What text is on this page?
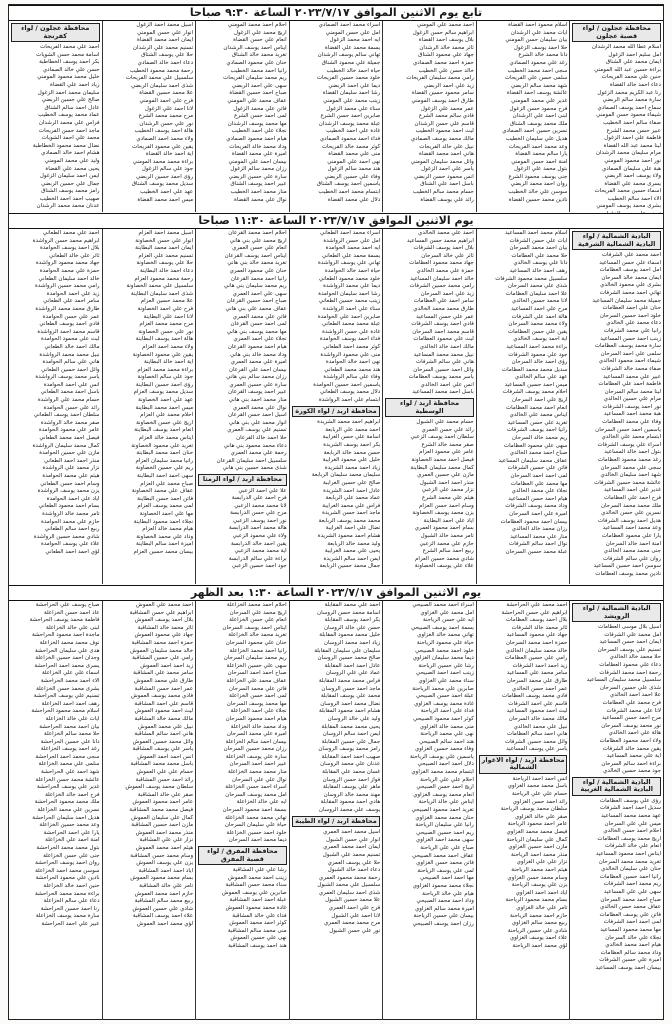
تابع يوم الاثنين الموافق ٢٠٢٣/٧/١٧ الساعة ٩:٣٠ صباحا
محافظة عجلون / لواء قصبة عجلون
اسلام عطا الله محمد الرشدان
امل سليم احمد الزغول
ايمان محمد علي الشناق
براءة حسين عبد الله المومني
حنين علي محمد الفريحات
دعاء احمد خالد القضاة
رنا عبد الكريم محمد الزغول
سارة محمد سالم الربضي
سماح احمد يوسف الصمادي
شيماء محمود حسن المومني
صفاء سالم احمد الخطيب
عبير حسن محمد الشرع
فاطمة علي احمد الزغول
لينا محمد عبد الله القضاة
مرام سليمان محمد الرشدان
نور احمد محمود المومني
هبة علي سليمان الصمادي
ولاء يوسف احمد الربضي
يسرى محمد علي القضاة
اسماء حسين محمد الفريحات
الاء احمد سالم الخطيب
بشرى محمد يوسف المومني
اسلام محمود احمد القضاة
ايات محمد علي الرشدان
بيان سليمان حسن المومني
حلا احمد يوسف الزغول
دانا محمد خالد الشرع
رغد علي محمود الصمادي
سجى احمد محمد الخطيب
سلمى حسن علي الفريحات
شهد محمد سالم الربضي
عائشة يوسف احمد القضاة
غدير علي محمد المومني
فرح محمود حسن الزغول
لبنى احمد علي الرشدان
ملك محمد يوسف الشناق
نسرين حسين احمد الصمادي
هديل علي سليمان الخطيب
وعد محمد احمد الفريحات
يارا سالم محمد القضاة
امنة احمد حسن المومني
بتول محمد علي الزغول
جنى يوسف محمود الشرع
روان احمد محمد الربضي
سوسن علي خالد الخطيب
نادين محمد حسين القضاة
احمد محمد علي المومني
ابراهيم سالم حسن الزغول
بلال يوسف احمد القضاة
ثائر محمد خالد الرشدان
جهاد علي محمود الشناق
حمزة احمد محمد الصمادي
خالد حسن علي الخطيب
رامي محمد سليمان الفريحات
زيد علي احمد الربضي
سامر محمود حسين القضاة
طارق احمد يوسف المومني
عمر محمد علي الزغول
فادي سالم محمد الشرع
قاسم علي حسن الرشدان
ليث احمد محمود الخطيب
مالك محمد يوسف الصمادي
نبيل علي خالد الفريحات
هاني احمد محمد القضاة
وائل محمد سليمان المومني
ياسر علي احمد الزغول
انس محمود حسن الربضي
باسل احمد علي الشناق
حسام محمد سالم الخطيب
رائد علي يوسف القضاة
اسراء محمد احمد الصمادي
امل علي حسن المومني
ايه احمد محمد الزغول
بسمة محمد علي القضاة
تهاني سالم يوسف الرشدان
جميلة علي محمود الشناق
حياة احمد خالد الخطيب
خلود محمد حسين الفريحات
ديما علي احمد الربضي
رشا احمد سليمان القضاة
زينب محمد علي المومني
سناء علي محمد الزغول
صابرين احمد حسن الشرع
عبلة محمد يوسف الرشدان
غادة علي احمد الخطيب
فداء احمد محمود الصمادي
كوثر محمد خالد الفريحات
منى علي محمد القضاة
نهى احمد علي المومني
هند محمد سالم الزغول
وفاء علي حسين الربضي
ياسمين احمد يوسف الشناق
ابتسام محمد احمد الخطيب
دلال علي محمد القضاة
احلام احمد محمد المومني
اريج محمد علي الزغول
انعام علي حسن القضاة
ايناس احمد يوسف الرشدان
تغريد محمد خالد الشناق
حنان علي محمود الصمادي
رانيا احمد محمد الخطيب
ريم محمد سليمان الفريحات
سهى علي احمد الربضي
صباح احمد حسين القضاة
عفاف محمد علي المومني
فاتن علي محمد الزغول
لمى احمد حسن الشرع
مها محمد يوسف الرشدان
نجلاء علي احمد الخطيب
هيام احمد محمود الصمادي
وداد محمد خالد الفريحات
اميرة علي محمد القضاة
بيسان احمد علي المومني
رزان محمد سالم الزغول
سارة علي حسين الربضي
عبير احمد يوسف الشناق
منار محمد احمد الخطيب
نوال علي محمد القضاة
اسيل محمد احمد الزغول
انوار علي حسن المومني
ايمان احمد محمد القضاة
تسنيم محمد علي الرشدان
حلا علي يوسف الشناق
دعاء احمد خالد الصمادي
رحمة محمد محمود الخطيب
سلسبيل علي محمد الفريحات
شذى احمد سليمان الربضي
علا محمد حسين القضاة
فرح علي احمد المومني
لانا احمد علي الزغول
مرح محمد محمد الشرع
نور علي حسن الرشدان
هالة احمد يوسف الخطيب
ولاء محمد احمد الصمادي
يقين علي محمود الفريحات
اية احمد خالد القضاة
براءة محمد محمد المومني
جود علي سالم الزغول
رؤى احمد حسين الربضي
سديل محمد يوسف الشناق
عهد علي احمد الخطيب
ميس احمد محمد القضاة
محافظة عجلون / لواء كفرنجة
احمد علي محمد الفريحات
اسامة محمد حسن الشويات
بكر احمد يوسف الخطاطبة
حسن علي خالد الصمادي
خليل محمد محمود المومني
زياد احمد علي القضاة
سليمان محمد احمد الزغول
صالح علي حسين الربضي
عادل احمد سالم الشناق
عماد محمد يوسف الخطيب
فراس علي محمد الرشدان
ماجد احمد حسن الفريحات
محمد علي احمد الشويات
نضال محمد محمود الخطاطبة
هشام احمد خالد الصمادي
وليد علي محمد المومني
يحيى محمد علي القضاة
ايمن احمد سليمان الزغول
جمال علي حسين الربضي
رامز محمد يوسف الشناق
صهيب احمد احمد الخطيب
عدنان محمد محمد الرشدان
يوم الاثنين الموافق ٢٠٢٣/٧/١٧ الساعة ١١:٣٠ صباحا
البادية الشمالية / لواء البادية الشمالية الشرقية
احمد محمد علي الشرفات
اسماء علي حسن المساعيد
امل احمد يوسف العظامات
ايمان محمد خالد السرحان
بشرى علي محمود الخالدي
تهاني احمد محمد الشرفات
جميلة محمد سليمان المساعيد
حنان علي احمد العظامات
خلود احمد حسين السرحان
دعاء محمد علي الخالدي
رانيا علي محمد الشرفات
زينب احمد حسن المساعيد
سارة محمد يوسف العظامات
سلمى علي احمد السرحان
شيماء احمد محمود الخالدي
صفاء محمد خالد الشرفات
عبير علي محمد المساعيد
فاطمة احمد علي العظامات
لينا محمد سالم السرحان
مرام علي حسين الخالدي
نور احمد يوسف الشرفات
هبة محمد احمد المساعيد
وفاء علي محمد العظامات
ياسمين احمد حسن السرحان
ابتسام محمد علي الخالدي
اسراء علي يوسف الشرفات
بتول احمد خالد المساعيد
رغد محمد محمود العظامات
سجى علي محمد السرحان
شهد احمد سليمان الخالدي
عائشة محمد حسين الشرفات
غدير علي احمد المساعيد
فرح احمد علي العظامات
ملك محمد محمد السرحان
نسرين علي حسن الخالدي
هديل احمد يوسف الشرفات
وعد محمد احمد المساعيد
يارا علي محمود العظامات
امنة احمد خالد السرحان
جنى محمد محمد الخالدي
روان علي سالم الشرفات
سوسن احمد حسين المساعيد
نادين محمد يوسف العظامات
اسلام محمد احمد المساعيد
ايات علي حسن الشرفات
بيان احمد محمد السرحان
حلا محمد علي العظامات
دانا علي يوسف الخالدي
رهف احمد خالد المساعيد
سلسبيل محمد محمود الشرفات
شذى علي محمد السرحان
علا احمد سليمان العظامات
لانا محمد حسين الخالدي
مرح علي احمد المساعيد
هالة احمد علي الشرفات
ولاء محمد محمد السرحان
يقين علي حسن العظامات
اية احمد يوسف الخالدي
براءة محمد احمد المساعيد
جود علي محمود الشرفات
رؤى احمد خالد السرحان
سديل محمد محمد العظامات
عهد علي سالم الخالدي
ميس احمد حسين المساعيد
احلام محمد يوسف الشرفات
اريج علي احمد السرحان
انعام احمد محمد العظامات
ايناس محمد علي الخالدي
تغريد علي حسن المساعيد
رانيا احمد يوسف الشرفات
ريم محمد خالد السرحان
سهى علي محمود العظامات
صباح احمد محمد الخالدي
عفاف محمد سليمان المساعيد
فاتن علي حسين الشرفات
لمى احمد احمد السرحان
مها محمد علي العظامات
نجلاء علي محمد الخالدي
هيام احمد حسن المساعيد
وداد محمد يوسف الشرفات
اميرة علي احمد السرحان
بيسان احمد محمود العظامات
رزان محمد خالد الخالدي
منار علي محمد المساعيد
نوال احمد سالم الشرفات
عبلة محمد حسين السرحان
احمد علي محمد الخالدي
ابراهيم محمد حسن المساعيد
بلال احمد يوسف الشرفات
ثائر علي خالد السرحان
جهاد محمد محمود العظامات
حمزة علي محمد الخالدي
خالد احمد سليمان المساعيد
رامي محمد حسين الشرفات
زيد علي احمد السرحان
سامر احمد علي العظامات
طارق محمد محمد الخالدي
عمر علي حسن المساعيد
فادي احمد يوسف الشرفات
قاسم محمد احمد السرحان
ليث علي محمود العظامات
مالك احمد خالد الخالدي
نبيل محمد محمد المساعيد
هاني علي سالم الشرفات
وائل احمد حسين السرحان
ياسر محمد يوسف العظامات
انس علي احمد الخالدي
باسل احمد محمد المساعيد
محافظة اربد / لواء الوسطية
حسام محمد علي الشبول
رائد علي حسن العمري
سلطان احمد يوسف الزعبي
صقر محمد خالد الشرع
عامر علي محمود العزام
فيصل احمد محمد الخصاونة
كمال محمد سليمان البطاينة
مازن علي حسين العمري
منذر احمد احمد الشبول
نزار محمد علي الزعبي
هيثم علي محمد الشرع
وسام احمد حسن العزام
يزن محمد يوسف الخصاونة
اياد علي احمد البطاينة
بسام احمد محمود العمري
تامر محمد خالد الشبول
حازم علي محمد الزعبي
ربيع احمد سالم الشرع
شادي محمد حسين العزام
علاء علي يوسف الخصاونة
اسراء محمد احمد الطعاني
امل علي حسن الرواشدة
ايه احمد محمد الحوامدة
بسمة محمد علي الطعاني
تهاني علي يوسف الرواشدة
حياة احمد خالد الحوامدة
خلود محمد محمود الطعاني
ديما علي محمد الرواشدة
رشا احمد سليمان الحوامدة
زينب محمد حسين الطعاني
سناء علي احمد الرواشدة
صابرين احمد علي الحوامدة
عبلة محمد محمد الطعاني
غادة علي حسن الرواشدة
فداء احمد يوسف الحوامدة
كوثر محمد احمد الطعاني
منى علي محمود الرواشدة
نهى احمد خالد الحوامدة
هند محمد محمد الطعاني
وفاء علي سالم الرواشدة
ياسمين احمد حسين الحوامدة
دلال محمد يوسف الطعاني
ابتسام علي احمد الرواشدة
محافظة اربد / لواء الكورة
ابراهيم احمد محمد الشريدة
احمد محمد علي الربابعة
اسامة علي حسن الغرايبة
بكر احمد يوسف الشريدة
حسن محمد خالد الربابعة
خليل علي محمود الغرايبة
زياد احمد محمد الشريدة
سليمان محمد سليمان الربابعة
صالح علي حسين الغرايبة
عادل احمد احمد الشريدة
عماد محمد علي الربابعة
فراس علي محمد الغرايبة
ماجد احمد حسن الشريدة
محمد محمد يوسف الربابعة
نضال علي احمد الغرايبة
هشام احمد محمود الشريدة
وليد محمد خالد الربابعة
يحيى علي محمد الغرايبة
ايمن احمد سالم الشريدة
جمال محمد حسين الربابعة
احلام احمد محمد القرعان
اريج محمد علي بني هاني
انعام علي حسن العمري
ايناس احمد يوسف القرعان
تغريد محمد خالد بني هاني
حنان علي محمود العمري
رانيا احمد محمد القرعان
ريم محمد سليمان بني هاني
سهى علي احمد العمري
صباح احمد حسين القرعان
عفاف محمد علي بني هاني
فاتن علي محمد العمري
لمى احمد حسن القرعان
مها محمد يوسف بني هاني
نجلاء علي احمد العمري
هيام احمد محمود القرعان
وداد محمد خالد بني هاني
اميرة علي محمد العمري
بيسان احمد علي القرعان
رزان محمد سالم بني هاني
سارة علي حسين العمري
عبير احمد يوسف القرعان
منار محمد احمد بني هاني
نوال علي محمد العمري
اسيل احمد حسن القرعان
انوار محمد علي بني هاني
تسنيم علي يوسف العمري
حلا احمد خالد القرعان
دعاء محمد محمود بني هاني
رحمة علي محمد العمري
سلسبيل احمد سليمان القرعان
شذى محمد حسين بني هاني
محافظة اربد / لواء الرمثا
علا علي احمد الزعبي
فرح احمد علي الدرابسة
لانا محمد محمد الزعبي
مرح علي حسن الدرابسة
نور احمد يوسف الزعبي
هالة محمد احمد الدرابسة
ولاء علي محمود الزعبي
يقين احمد خالد الدرابسة
اية محمد محمد الزعبي
براءة علي سالم الدرابسة
جود احمد حسين الزعبي
اسيل محمد احمد العزام
انوار علي حسن الخصاونة
ايمان احمد محمد البطاينة
تسنيم محمد علي العزام
حلا علي يوسف الخصاونة
دعاء احمد خالد البطاينة
رحمة محمد محمود العزام
سلسبيل علي محمد الخصاونة
شذى احمد سليمان البطاينة
علا محمد حسين العزام
فرح علي احمد الخصاونة
لانا احمد علي البطاينة
مرح محمد محمد العزام
نور علي حسن الخصاونة
هالة احمد يوسف البطاينة
ولاء محمد احمد العزام
يقين علي محمود الخصاونة
اية احمد خالد البطاينة
براءة محمد محمد العزام
جود علي سالم الخصاونة
رؤى احمد حسين البطاينة
سديل محمد يوسف العزام
عهد علي احمد الخصاونة
ميس احمد محمد البطاينة
احلام محمد علي العزام
اريج علي حسن الخصاونة
انعام احمد يوسف البطاينة
ايناس محمد خالد العزام
تغريد علي محمود الخصاونة
حنان احمد محمد البطاينة
رانيا محمد سليمان العزام
ريم علي حسين الخصاونة
سهى احمد احمد البطاينة
صباح محمد علي العزام
عفاف علي محمد الخصاونة
فاتن احمد حسن البطاينة
لمى محمد يوسف العزام
مها علي احمد الخصاونة
نجلاء احمد محمود البطاينة
هيام محمد خالد العزام
وداد علي محمد الخصاونة
اميرة احمد سالم البطاينة
بيسان محمد حسين العزام
احمد علي محمد الطعاني
ابراهيم محمد حسن الرواشدة
بلال احمد يوسف الحوامدة
ثائر علي خالد الطعاني
جهاد محمد محمود الرواشدة
حمزة علي محمد الحوامدة
خالد احمد سليمان الطعاني
رامي محمد حسين الرواشدة
زيد علي احمد الحوامدة
سامر احمد علي الطعاني
طارق محمد محمد الرواشدة
عمر علي حسن الحوامدة
فادي احمد يوسف الطعاني
قاسم محمد احمد الرواشدة
ليث علي محمود الحوامدة
مالك احمد خالد الطعاني
نبيل محمد محمد الرواشدة
هاني علي سالم الحوامدة
وائل احمد حسين الطعاني
ياسر محمد يوسف الرواشدة
انس علي احمد الحوامدة
باسل احمد محمد الطعاني
حسام محمد علي الرواشدة
رائد علي حسن الحوامدة
سلطان احمد يوسف الطعاني
صقر محمد خالد الرواشدة
عامر علي محمود الحوامدة
فيصل احمد محمد الطعاني
كمال محمد سليمان الرواشدة
مازن علي حسين الحوامدة
منذر احمد احمد الطعاني
نزار محمد علي الرواشدة
هيثم علي محمد الحوامدة
وسام احمد حسن الطعاني
يزن محمد يوسف الرواشدة
اياد علي احمد الحوامدة
بسام احمد محمود الطعاني
تامر محمد خالد الرواشدة
حازم علي محمد الحوامدة
ربيع احمد سالم الطعاني
شادي محمد حسين الرواشدة
علاء علي يوسف الحوامدة
لؤي احمد احمد الطعاني
يوم الاثنين الموافق ٢٠٢٣/٧/١٧ الساعة ١:٣٠ بعد الظهر
البادية الشمالية / لواء الرويشد
اسيل بلال موسى العظامات
امل محمد علي الشرفات
ايمان احمد حسن المساعيد
تسنيم علي يوسف السرحان
حلا محمد خالد الخالدي
دعاء علي محمود العظامات
رحمة احمد محمد الشرفات
سلسبيل محمد سليمان المساعيد
شذى علي حسين السرحان
علا احمد احمد الخالدي
فرح محمد علي العظامات
لانا علي محمد الشرفات
مرح احمد حسن المساعيد
نور محمد يوسف السرحان
هالة علي احمد الخالدي
ولاء احمد محمود العظامات
يقين محمد خالد الشرفات
اية علي محمد المساعيد
براءة احمد سالم السرحان
جود محمد حسين الخالدي
البادية الشمالية / لواء البادية الشمالية الغربية
رؤى علي يوسف العظامات
سديل احمد احمد الشرفات
عهد محمد محمد المساعيد
ميس علي علي السرحان
احلام احمد حسن الخالدي
اريج محمد يوسف العظامات
انعام علي خالد الشرفات
ايناس احمد محمود المساعيد
تغريد محمد محمد السرحان
حنان علي سليمان الخالدي
رانيا احمد حسين العظامات
ريم محمد احمد الشرفات
سهى علي علي المساعيد
صباح احمد محمد السرحان
عفاف محمد حسن الخالدي
فاتن علي يوسف العظامات
لمى احمد احمد الشرفات
مها محمد محمود المساعيد
نجلاء علي خالد السرحان
هيام احمد محمد الخالدي
وداد محمد سالم العظامات
اميرة علي حسين الشرفات
بيسان احمد يوسف المساعيد
احمد محمد علي الحراحشة
ابراهيم علي حسن الحراحشة
بلال احمد يوسف العظامات
ثائر محمد خالد الشرفات
جهاد علي محمود المساعيد
حمزة احمد محمد السرحان
خالد محمد سليمان الخالدي
رامي علي حسين العظامات
زيد احمد احمد الشرفات
سامر محمد علي المساعيد
طارق علي محمد السرحان
عمر احمد حسن الخالدي
فادي محمد يوسف العظامات
قاسم علي احمد الشرفات
ليث احمد محمود المساعيد
مالك محمد خالد السرحان
نبيل علي محمد الخالدي
هاني احمد سالم العظامات
وائل محمد حسين الشرفات
ياسر علي يوسف المساعيد
محافظة اربد / لواء الاغوار الشمالية
انس احمد احمد الرياحنة
باسل محمد محمد الغزاوي
حسام علي علي الرياحنة
رائد احمد حسن الغزاوي
سلطان محمد يوسف الرياحنة
صقر علي خالد الغزاوي
عامر احمد محمود الرياحنة
فيصل محمد محمد الغزاوي
كمال علي سليمان الرياحنة
مازن احمد حسين الغزاوي
منذر محمد احمد الرياحنة
نزار علي علي الغزاوي
هيثم احمد محمد الرياحنة
وسام محمد حسن الغزاوي
يزن علي يوسف الرياحنة
اياد احمد احمد الغزاوي
بسام محمد محمود الرياحنة
تامر علي خالد الغزاوي
حازم احمد محمد الرياحنة
ربيع محمد سالم الغزاوي
شادي علي حسين الرياحنة
علاء احمد يوسف الغزاوي
لؤي محمد احمد الرياحنة
اسراء احمد محمد الصبيحي
امل محمد علي الغزاوي
ايه علي حسن الرياحنة
بسمة احمد يوسف الصبيحي
تهاني محمد خالد الغزاوي
حياة علي محمود الرياحنة
خلود احمد محمد الصبيحي
ديما محمد سليمان الغزاوي
رشا علي حسين الرياحنة
زينب احمد احمد الصبيحي
سناء محمد علي الغزاوي
صابرين علي محمد الرياحنة
عبلة احمد حسن الصبيحي
غادة محمد يوسف الغزاوي
فداء علي احمد الرياحنة
كوثر احمد محمود الصبيحي
منى محمد خالد الغزاوي
نهى علي محمد الرياحنة
هند احمد سالم الصبيحي
وفاء محمد حسين الغزاوي
ياسمين علي يوسف الرياحنة
دلال احمد احمد الصبيحي
ابتسام محمد محمد الغزاوي
احلام علي علي الرياحنة
اريج احمد حسن الصبيحي
انعام محمد يوسف الغزاوي
ايناس علي خالد الرياحنة
تغريد احمد محمود الصبيحي
حنان محمد محمد الغزاوي
رانيا علي سليمان الرياحنة
ريم احمد حسين الصبيحي
سهى محمد احمد الغزاوي
صباح علي علي الرياحنة
عفاف احمد محمد الصبيحي
فاتن محمد حسن الغزاوي
لمى علي يوسف الرياحنة
مها احمد احمد الصبيحي
نجلاء محمد محمود الغزاوي
هيام علي خالد الرياحنة
وداد احمد محمد الصبيحي
اميرة محمد سالم الغزاوي
بيسان علي حسين الرياحنة
رزان احمد يوسف الصبيحي
احمد علي محمد المقابلة
اسامة محمد حسن الروسان
بكر احمد يوسف المقابلة
حسن علي خالد الروسان
خليل محمد محمود المقابلة
زياد احمد محمد الروسان
سليمان علي سليمان المقابلة
صالح محمد حسين الروسان
عادل احمد احمد المقابلة
عماد علي علي الروسان
فراس محمد محمد المقابلة
ماجد احمد حسن الروسان
محمد علي يوسف المقابلة
نضال محمد احمد الروسان
هشام احمد محمود المقابلة
وليد علي خالد الروسان
يحيى محمد محمد المقابلة
ايمن احمد سالم الروسان
جمال علي حسين المقابلة
رامز محمد يوسف الروسان
صهيب احمد احمد المقابلة
عدنان علي محمد الروسان
غسان محمد علي المقابلة
فواز احمد حسن الروسان
ماهر علي يوسف المقابلة
مهند محمد خالد الروسان
هادي احمد محمود المقابلة
يوسف علي محمد الروسان
محافظة اربد / لواء الطيبة
اسيل محمد احمد العمري
انوار علي حسن الشبول
ايمان احمد محمد العمري
تسنيم محمد علي الشبول
حلا علي يوسف العمري
دعاء احمد خالد الشبول
رحمة محمد محمود العمري
سلسبيل علي محمد الشبول
شذى احمد سليمان العمري
علا محمد حسين الشبول
فرح علي احمد العمري
لانا احمد علي الشبول
مرح محمد محمد العمري
نور علي حسن الشبول
احلام احمد محمد الخزاعلة
اريج محمد علي السرحان
انعام علي حسن الخزاعلة
ايناس احمد يوسف السرحان
تغريد محمد خالد الخزاعلة
حنان علي محمود السرحان
رانيا احمد محمد الخزاعلة
ريم محمد سليمان السرحان
سهى علي حسين الخزاعلة
صباح احمد احمد السرحان
عفاف محمد علي الخزاعلة
فاتن علي محمد السرحان
لمى احمد حسن الخزاعلة
مها محمد يوسف السرحان
نجلاء علي احمد الخزاعلة
هيام احمد محمود السرحان
وداد محمد خالد الخزاعلة
اميرة علي محمد السرحان
بيسان احمد سالم الخزاعلة
رزان محمد حسين السرحان
سارة علي يوسف الخزاعلة
عبير احمد احمد السرحان
منار محمد محمد الخزاعلة
نوال علي علي السرحان
اسراء احمد حسن الخزاعلة
امل محمد يوسف السرحان
ايه علي خالد الخزاعلة
بسمة احمد محمود السرحان
تهاني محمد محمد الخزاعلة
حياة علي سليمان السرحان
خلود احمد حسين الخزاعلة
ديما محمد احمد السرحان
محافظة المفرق / لواء قصبة المفرق
رشا علي علي المشاقبة
زينب احمد محمد العموش
سناء محمد حسن المشاقبة
صابرين علي يوسف العموش
عبلة احمد احمد المشاقبة
غادة محمد محمود العموش
فداء علي خالد المشاقبة
كوثر احمد محمد العموش
منى محمد سالم المشاقبة
نهى علي حسين العموش
هند احمد يوسف المشاقبة
احمد محمد علي العموش
ابراهيم علي حسن المشاقبة
بلال احمد يوسف العموش
ثائر محمد خالد المشاقبة
جهاد علي محمود العموش
حمزة احمد محمد المشاقبة
خالد محمد سليمان العموش
رامي علي حسين المشاقبة
زيد احمد احمد العموش
سامر محمد علي المشاقبة
طارق علي محمد العموش
عمر احمد حسن المشاقبة
فادي محمد يوسف العموش
قاسم علي احمد المشاقبة
ليث احمد محمود العموش
مالك محمد خالد المشاقبة
نبيل علي محمد العموش
هاني احمد سالم المشاقبة
وائل محمد حسين العموش
ياسر علي يوسف المشاقبة
انس احمد احمد العموش
باسل محمد محمد المشاقبة
حسام علي علي العموش
رائد احمد حسن المشاقبة
سلطان محمد يوسف العموش
صقر علي خالد المشاقبة
عامر احمد محمود العموش
فيصل محمد محمد المشاقبة
كمال علي سليمان العموش
مازن احمد حسين المشاقبة
منذر محمد احمد العموش
نزار علي علي المشاقبة
هيثم احمد محمد العموش
وسام محمد حسن المشاقبة
يزن علي يوسف العموش
اياد احمد احمد المشاقبة
بسام محمد محمود العموش
تامر علي خالد المشاقبة
حازم احمد محمد العموش
ربيع محمد سالم المشاقبة
شادي علي حسين العموش
علاء احمد يوسف المشاقبة
لؤي محمد احمد العموش
صباح يوسف علي الحراحشة
عاد احمد حسن الخزاعلة
فاطمة محمد يوسف الحراحشة
لبنى علي خالد الخزاعلة
ماجدة احمد محمود الحراحشة
نوف محمد محمد الخزاعلة
هدى علي سليمان الحراحشة
وجدان احمد حسين الخزاعلة
يسرى محمد احمد الحراحشة
اسماء علي علي الخزاعلة
الاء احمد محمد الحراحشة
بشرى محمد حسن الخزاعلة
تسنيم علي يوسف الحراحشة
رهف احمد احمد الخزاعلة
اسلام محمد محمود الحراحشة
ايات علي خالد الخزاعلة
بيان احمد محمد الحراحشة
حلا محمد سالم الخزاعلة
دانا علي حسين الحراحشة
رغد احمد يوسف الخزاعلة
سجى محمد احمد الحراحشة
سلمى علي محمد الخزاعلة
شهد احمد علي الحراحشة
عائشة محمد حسن الخزاعلة
غدير علي يوسف الحراحشة
فرح احمد خالد الخزاعلة
ملك محمد محمود الحراحشة
نسرين علي محمد الخزاعلة
هديل احمد سليمان الحراحشة
وعد محمد حسين الخزاعلة
يارا علي احمد الحراحشة
امنة احمد علي الخزاعلة
بتول محمد محمد الحراحشة
جنى علي حسن الخزاعلة
روان احمد يوسف الحراحشة
سوسن محمد احمد الخزاعلة
نادين علي محمود الحراحشة
حنين احمد خالد الخزاعلة
براءة محمد محمد الحراحشة
دعاء علي سالم الخزاعلة
رنا احمد حسين الحراحشة
سارة محمد يوسف الخزاعلة
عبير علي احمد الحراحشة
